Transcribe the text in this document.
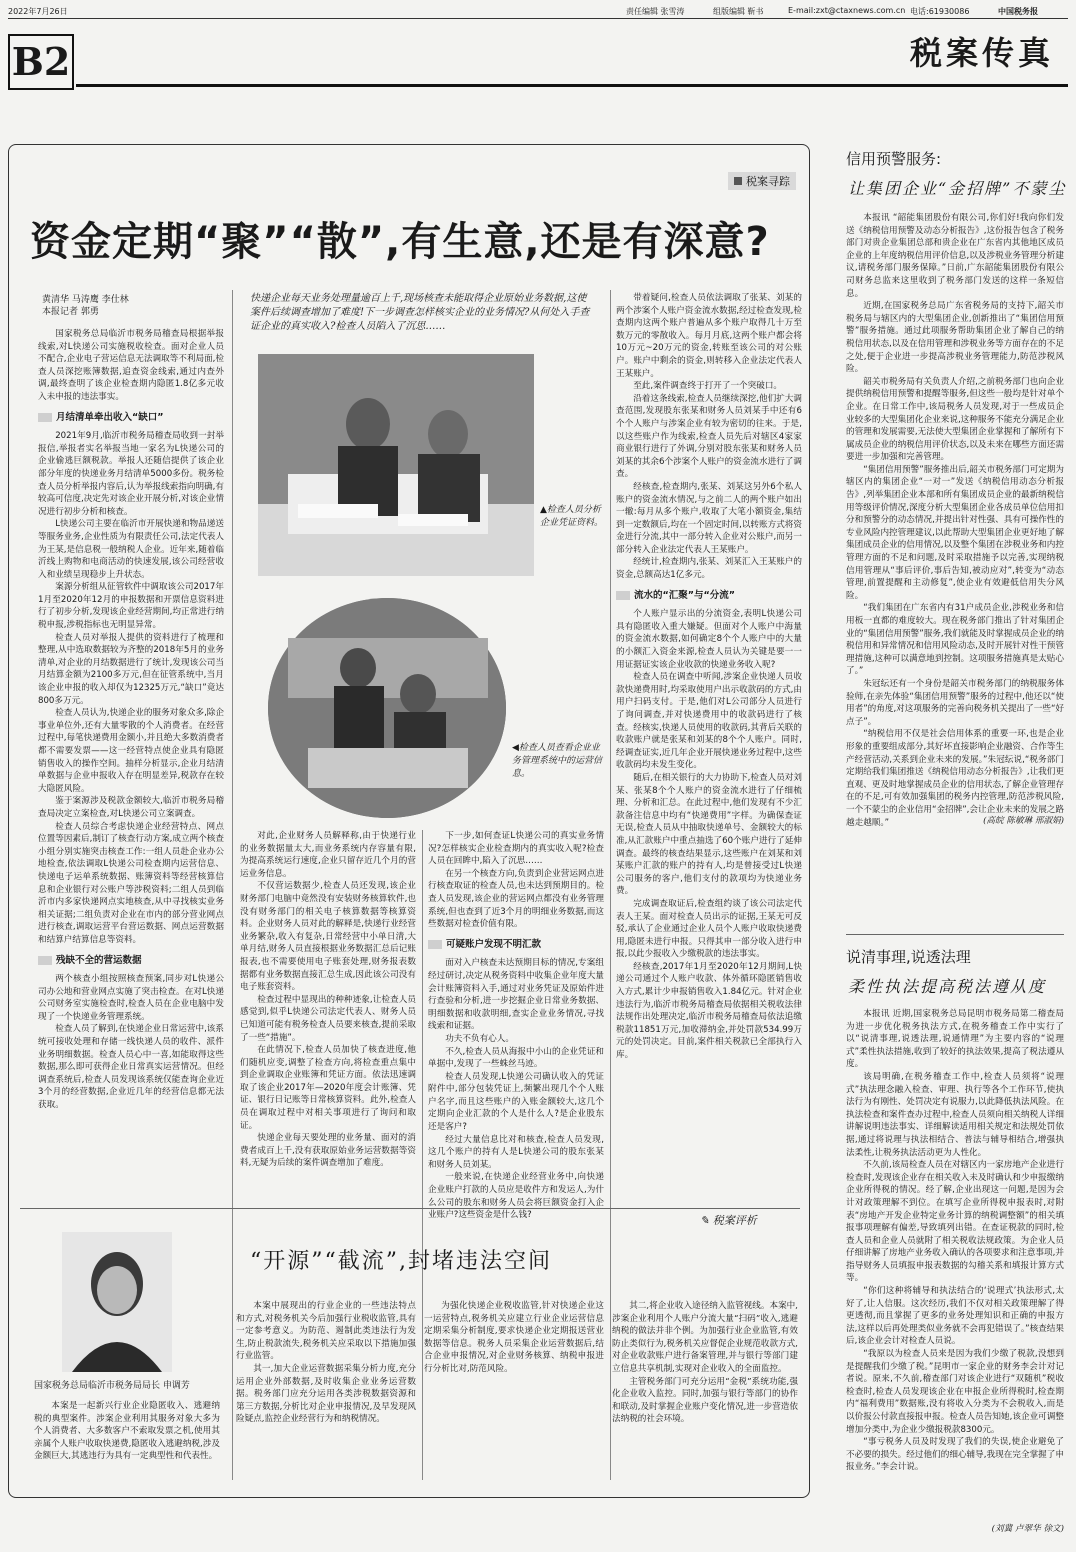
2022年7月26日	责任编辑 张雪涛	组版编辑 靳书	E-mail:zxt@ctaxnews.com.cn 电话:61930086	中国税务报
B2	税案传真
税案寻踪
资金定期“聚”“散”,有生意,还是有深意?
黄清华 马涛鹰 李仕林
本报记者 郭勇
快递企业每天业务处理量逾百上千,现场核查未能取得企业原始业务数据,这使案件后续调查增加了难度!下一步调查怎样核实企业的业务情况?从何处入手查证企业的真实收入?检查人员陷入了沉思……

国家税务总局临沂市税务局稽查局根据举报线索,对L快递公司实施税收检查。面对企业人员不配合,企业电子营运信息无法调取等不利局面,检查人员深挖账簿数据,追查资金线索,通过内查外调,最终查明了该企业检查期内隐匿1.8亿多元收入未申报的违法事实。

月结清单牵出收入“缺口”

2021年9月,临沂市税务局稽查局收到一封举报信,举报者实名举报当地一家名为L快递公司的企业偷逃巨额税款。举报人还随信提供了该企业部分年度的快递业务月结清单5000多份。税务检查人员分析举报内容后,认为举报线索指向明确,有较高可信度,决定先对该企业开展分析,对该企业情况进行初步分析和核查。

L快递公司主要在临沂市开展快递和物品递送等服务业务,企业性质为有限责任公司,法定代表人为王某,是信息税一般纳税人企业。近年来,随着临沂线上购物和电商活动的快速发展,该公司经营收入和业绩呈现稳步上升状态。

案源分析组从征管软件中调取该公司2017年1月至2020年12月的申报数据和开票信息资料进行了初步分析,发现该企业经营期间,均正常进行纳税申报,涉税指标也无明显异常。

检查人员对举报人提供的资料进行了梳理和整理,从中选取数据较为齐整的2018年5月的业务清单,对企业的月结数据进行了统计,发现该公司当月结算金额为2100多万元,但在征管系统中,当月该企业申报的收入却仅为12325万元,“缺口”竟达800多万元。

检查人员认为,快递企业的服务对象众多,除企事业单位外,还有大量零散的个人消费者。在经营过程中,每笔快递费用金额小,并且绝大多数消费者都不需要发票——这一经营特点使企业具有隐匿销售收入的操作空间。抽样分析显示,企业月结清单数据与企业申报收入存在明显差异,税款存在较大隐匿风险。

鉴于案源涉及税款金额较大,临沂市税务局稽查局决定立案检查,对L快递公司立案调查。

检查人员综合考虑快递企业经营特点、网点位置等因素后,制订了核查行动方案,成立两个核查小组分别实施突击核查工作:一组人员赴企业办公地检查,依法调取L快递公司检查期内运营信息、快递电子运单系统数据、账簿资料等经营核算信息和企业银行对公账户等涉税资料;二组人员到临沂市内多家快递网点实地核查,从中寻找核实业务相关证据;二组负责对企业在市内的部分营业网点进行核查,调取运营平台营运数据、网点运营数据和结算户结算信息等资料。

残缺不全的营运数据

两个核查小组按照核查预案,同步对L快递公司办公地和营业网点实施了突击检查。在对L快递公司财务室实施检查时,检查人员在企业电脑中发现了一个快递业务管理系统。

检查人员了解到,在快递企业日常运营中,该系统可接收处理和存储一线快递人员的收件、派件业务明细数据。检查人员心中一喜,如能取得这些数据,那么即可获得企业日常真实运营情况。但经调查系统后,检查人员发现该系统仅能查询企业近3个月的经营数据,企业近几年的经营信息都无法获取。

▲检查人员分析企业凭证资料。
◀检查人员查看企业业务管理系统中的运营信息。

对此,企业财务人员解释称,由于快递行业的业务数据量太大,而业务系统内存容量有限,为提高系统运行速度,企业只留存近几个月的营运业务信息。

不仅营运数据少,检查人员还发现,该企业财务部门电脑中竟然没有安装财务核算软件,也没有财务部门的相关电子核算数据等核算资料。企业财务人员对此的解释是,快递行业经营业务繁杂,收入有复杂,日常经营中小单日清,大单月结,财务人员直接根据业务数据汇总后记账报表,也不需要使用电子账套处理,财务报表数据都有业务数据直接汇总生成,因此该公司没有电子账套资料。

检查过程中显现出的种种迹象,让检查人员感觉到,似乎L快递公司法定代表人、财务人员已知道可能有税务检查人员要来核查,提前采取了一些“措施”。

在此情况下,检查人员加快了核查进度,他们随机应变,调整了检查方向,将检查重点集中到企业调取企业账簿和凭证方面。依法迅速调取了该企业2017年—2020年度会计账簿、凭证、银行日记账等日常核算资料。此外,检查人员在调取过程中对相关事项进行了询问和取证。

快递企业每天要处理的业务量、面对的消费者成百上千,没有获取原始业务运营数据等资料,无疑为后续的案件调查增加了难度。

下一步,如何查证L快递公司的真实业务情况?怎样核实企业检查期内的真实收入呢?检查人员在回眸中,陷入了沉思……

在另一个核查方向,负责到企业营运网点进行核查取证的检查人员,也未达到预期目的。检查人员发现,该企业的营运网点都没有业务管理系统,但也查到了近3个月的明细业务数据,而这些数据对检查价值有限。

可疑账户发现不明汇款

面对入户核查未达预期目标的情况,专案组经过研讨,决定从税务资料中收集企业年度大量会计账簿资料入手,通过对业务凭证及原始件进行查验和分析,进一步挖掘企业日常业务数据、明细数据和收款明细,查实企业业务情况,寻找线索和证据。

功夫不负有心人。

不久,检查人员从海报中小山的企业凭证和单据中,发现了一些蛛丝马迹。

检查人员发现,L快递公司确认收入的凭证附件中,部分包装凭证上,频繁出现几个个人账户名字,而且这些账户的入账金额较大,这几个定期向企业汇款的个人是什么人?是企业股东还是客户?

经过大量信息比对和核查,检查人员发现,这几个账户的持有人是L快递公司的股东张某和财务人员刘某。

一般来说,在快递企业经营业务中,向快递企业账户打款的人员应是收件方和发运人,为什么公司的股东和财务人员会将巨额资金打入企业账户?这些资金是什么钱?

带着疑问,检查人员依法调取了张某、刘某的两个涉案个人账户资金流水数据,经过检查发现,检查期内这两个账户普遍从多个账户取得几十万至数万元的零散收入。每月月底,这两个账户都会将10万元~20万元的资金,转账至该公司的对公账户。账户中剩余的资金,则转移入企业法定代表人王某账户。

至此,案件调查终于打开了一个突破口。

沿着这条线索,检查人员继续深挖,他们扩大调查范围,发现股东张某和财务人员刘某手中还有6个个人账户与涉案企业有较为密切的往来。于是,以这些账户作为线索,检查人员先后对辖区4家家商业银行进行了外调,分别对股东张某和财务人员刘某的其余6个涉案个人账户的资金流水进行了调查。

经核查,检查期内,张某、刘某这另外6个私人账户的资金流水情况,与之前二人的两个账户如出一辙:每月从多个账户,收取了大笔小额资金,集结到一定数额后,均在一个固定时间,以转账方式将资金进行分流,其中一部分转入企业对公账户,而另一部分转入企业法定代表人王某账户。

经统计,检查期内,张某、刘某汇入王某账户的资金,总额高达1亿多元。

流水的“汇聚”与“分流”

个人账户显示出的分流资金,表明L快递公司具有隐匿收入重大嫌疑。但面对个人账户中海量的资金流水数据,如何确定8个个人账户中的大量的小额汇入资金来源,检查人员认为关键是要一一用证据证实该企业收款的快递业务收入呢?

检查人员在调查中听闻,涉案企业快递人员收款快递费用时,均采取使用户出示收款码的方式,由用户扫码支付。于是,他们对L公司部分人员进行了询问调查,并对快递费用中的收款码进行了核查。经核实,快递人员使用的收款码,其背后关联的收款账户就是张某和刘某的8个个人账户。同时,经调查证实,近几年企业开展快递业务过程中,这些收款码均未发生变化。

随后,在相关银行的大力协助下,检查人员对刘某、张某8个个人账户的资金流水进行了仔细梳理、分析和汇总。在此过程中,他们发现有不少汇款备注信息中均有“快递费用”字样。为确保查证无误,检查人员从中抽取快递单号、金额较大的标准,从汇款账户中重点抽选了60个账户进行了延伸调查。最终的核查结果显示,这些账户在刘某和刘某账户汇款的账户的持有人,均是曾接受过L快递公司服务的客户,他们支付的款项均为快递业务费。

完成调查取证后,检查组约谈了该公司法定代表人王某。面对检查人员出示的证据,王某无可反驳,承认了企业通过企业人员个人账户收取快递费用,隐匿未进行申报。只得其申一部分收入进行申报,以此少报收入少缴税款的违法事实。

经核查,2017年1月至2020年12月期间,L快递公司通过个人账户收款、体外循环隐匿销售收入方式,累计少申报销售收入1.84亿元。针对企业违法行为,临沂市税务局稽查局依据相关税收法律法规作出处理决定,临沂市税务局稽查局依法追缴税款11851万元,加收滞纳金,并处罚款534.99万元的处罚决定。目前,案件相关税款已全部执行入库。

✎ 税案评析
国家税务总局临沂市税务局局长 申调芳

本案是一起新兴行业企业隐匿收入、逃避纳税的典型案件。涉案企业利用其服务对象大多为个人消费者、大多数客户不索取发票之机,使用其亲属个人账户收取快递费,隐匿收入逃避纳税,涉及金额巨大,其逃违行为具有一定典型性和代表性。

“开源”“截流”,封堵违法空间

本案中展现出的行业企业的一些违法特点和方式,对税务机关今后加强行业税收监管,具有一定参考意义。为防范、遏制此类违法行为发生,防止税款流失,税务机关应采取以下措施加强行业监管。

其一,加大企业运营数据采集分析力度,充分运用企业外部数据,及时收集企业业务运营数据。税务部门应充分运用各类涉税数据资源和第三方数据,分析比对企业申报情况,及早发现风险疑点,监控企业经营行为和纳税情况。

为强化快递企业税收监管,针对快递企业这一运营特点,税务机关应建立行业企业运营信息定期采集分析制度,要求快递企业定期报送营业数据等信息。税务人员采集企业运营数据后,结合企业申报情况,对企业财务核算、纳税申报进行分析比对,防范风险。

其二,将企业收入途径纳入监管视线。本案中,涉案企业利用个人账户分流大量“扫码”收入,逃避纳税的做法并非个例。为加强行业企业监管,有效防止类似行为,税务机关应督促企业规范收款方式,对企业收款账户进行备案管理,并与银行等部门建立信息共享机制,实现对企业收入的全面监控。

主管税务部门可充分运用“金税”系统功能,强化企业收入监控。同时,加强与银行等部门的协作和联动,及时掌握企业账户变化情况,进一步营造依法纳税的社会环境。

信用预警服务:
让集团企业“金招牌”不蒙尘

本报讯 “韶能集团股份有限公司,你们好!我向你们发送《纳税信用预警及动态分析报告》,这份报告包含了税务部门对贵企业集团总部和贵企业在广东省内其他地区成员企业的上年度纳税信用评价信息,以及涉税业务管理分析建议,请税务部门服务保障。”日前,广东韶能集团股份有限公司财务总监来这里收到了税务部门发送的这样一条短信息。

近期,在国家税务总局广东省税务局的支持下,韶关市税务局与辖区内的大型集团企业,创新推出了“集团信用预警”服务措施。通过此项服务帮助集团企业了解自己的纳税信用状态,以及在信用管理和涉税业务等方面存在的不足之处,便于企业进一步提高涉税业务管理能力,防范涉税风险。

韶关市税务局有关负责人介绍,之前税务部门也向企业提供纳税信用预警和提醒等服务,但这些一般均是针对单个企业。在日常工作中,该局税务人员发现,对于一些成员企业较多的大型集团化企业来说,这种服务不能充分满足企业的管理和发展需要,无法使大型集团企业掌握和了解所有下属成员企业的纳税信用评价状态,以及未来在哪些方面还需要进一步加强和完善管理。

“集团信用预警”服务推出后,韶关市税务部门可定期为辖区内的集团企业“一对一”发送《纳税信用动态分析报告》,列举集团企业本部和所有集团成员企业的最新纳税信用等级评价情况,深度分析大型集团企业各成员单位信用扣分和预警分的动态情况,并提出针对性强、具有可操作性的专业风险内控管理建议,以此帮助大型集团企业更好地了解集团成员企业的信用情况,以及整个集团在涉税业务和内控管理方面的不足和问题,及时采取措施予以完善,实现纳税信用管理从“事后评价,事后告知,被动应对”,转变为“动态管理,前置提醒和主动修复”,使企业有效避低信用失分风险。

“我们集团在广东省内有31户成员企业,涉税业务和信用板一直都的难度较大。现在税务部门推出了针对集团企业的“集团信用预警”服务,我们就能及时掌握成员企业的纳税信用和异常情况和信用风险动态,及时开展针对性干预管理措施,这种可以满意地到控制。这项服务措施真是太贴心了。”

朱冠纭还有一个身份是韶关市税务部门的纳税服务体验师,在亲先体验“集团信用预警”服务的过程中,他还以“使用者”的角度,对这项服务的完善向税务机关提出了一些“好点子”。

“纳税信用不仅是社会信用体系的重要一环,也是企业形象的重要组成部分,其好坏直接影响企业融资、合作等生产经营活动,关系到企业未来的发展。”朱冠纭说,“税务部门定期给我们集团推送《纳税信用动态分析报告》,让我们更直观、更及时地掌握成员企业的信用状态,了解企业管理存在的不足,可有效加强集团的税务内控管理,防范涉税风险,一个不蒙尘的企业信用“金招牌”,会让企业未来的发展之路越走越顺。”	(高皖 陈敏琳 邢淑娟)
说清事理,说透法理
柔性执法提高税法遵从度

本报讯 近期,国家税务总局昆明市税务局第二稽查局为进一步优化税务执法方式,在税务稽查工作中实行了以“说清事理,说透法理,说通情理”为主要内容的“说理式”柔性执法措施,收到了较好的执法效果,提高了税法遵从度。

该局明确,在税务稽查工作中,检查人员须将“说理式”执法理念融入检查、审理、执行等各个工作环节,使执法行为有刚性、处罚决定有说服力,以此降低执法风险。在执法检查和案件查办过程中,检查人员须向相关纳税人详细讲解说明违法事实、详细解读适用相关规定和法规处罚依据,通过将说理与执法相结合、普法与辅导相结合,增强执法柔性,让税务执法活动更为人性化。

不久前,该局检查人员在对辖区内一家房地产企业进行检查时,发现该企业存在相关收入未及时确认和少申报缴纳企业所得税的情况。经了解,企业出现这一问题,是因为会计对政策理解不到位。在填写企业所得税申报表时,对附表“房地产开发企业特定业务计算的纳税调整额”的相关填报事项理解有偏差,导致填列出错。在查证税款的同时,检查人员和企业人员就附了相关税收法规政策。为企业人员仔细讲解了房地产业务收入确认的各项要求和注意事项,并指导财务人员填报申报表数据的勾稽关系和填报计算方式等。

“你们这种将辅导和执法结合的‘说理式’执法形式,太好了,让人信服。这次经历,我们不仅对相关政策理解了得更透彻,而且掌握了更多的业务处理知识和正确的申报方法,这样以后再处理类似业务就不会再犯错误了。”核查结果后,该企业会计对检查人员说。

“我原以为检查人员来是因为我们少缴了税款,没想到是提醒我们少缴了税。”昆明市一家企业的财务李会计对记者说。原来,不久前,稽查部门对该企业进行“双随机”税收检查时,检查人员发现该企业在申报企业所得税时,检查期内“福利费用”数据账,没有将收入分类为不会税收入,而是以价报公付款直接报申报。检查人员告知她,该企业可调整增加分类中,为企业少缴报税款8300元。

“事亏税务人员及时发现了我们的失误,使企业避免了不必要的损失。经过他们的细心辅导,我现在完全掌握了申报业务。”李会计说。

(刘冀 卢翠华 徐文)
